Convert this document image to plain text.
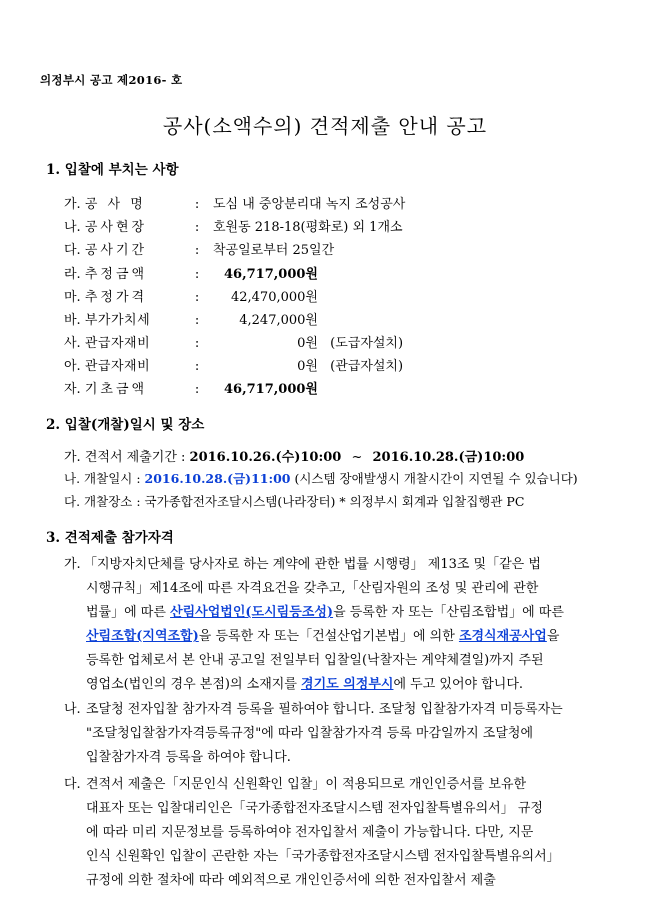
의정부시 공고 제2016- 호
공사(소액수의) 견적제출 안내 공고
1. 입찰에 부치는 사항
가. 공 사 명	: 도심 내 중앙분리대 녹지 조성공사
나. 공사현장	: 호원동 218-18(평화로) 외 1개소
다. 공사기간	: 착공일로부터 25일간
라. 추정금액	: 46,717,000원
마. 추정가격	: 42,470,000원
바. 부가가치세	:	4,247,000원
사. 관급자재비	:	0원 (도급자설치)
아. 관급자재비	:	0원 (관급자설치)
자. 기초금액	: 46,717,000원
2. 입찰(개찰)일시 및 장소
가. 견적서 제출기간 : 2016.10.26.(수)10:00 ~ 2016.10.28.(금)10:00
나. 개찰일시 : 2016.10.28.(금)11:00 (시스템 장애발생시 개찰시간이 지연될 수 있습니다)
다. 개찰장소 : 국가종합전자조달시스템(나라장터) * 의정부시 회계과 입찰집행관 PC
3. 견적제출 참가자격
가. 「지방자치단체를 당사자로 하는 계약에 관한 법률 시행령」 제13조 및「같은 법
시행규칙」제14조에 따른 자격요건을 갖추고,「산림자원의 조성 및 관리에 관한
법률」에 따른 산림사업법인(도시림등조성)을 등록한 자 또는「산림조합법」에 따른
산림조합(지역조합)을 등록한 자 또는「건설산업기본법」에 의한 조경식재공사업을
등록한 업체로서 본 안내 공고일 전일부터 입찰일(낙찰자는 계약체결일)까지 주된
영업소(법인의 경우 본점)의 소재지를 경기도 의정부시에 두고 있어야 합니다.
나. 조달청 전자입찰 참가자격 등록을 필하여야 합니다. 조달청 입찰참가자격 미등록자는
"조달청입찰참가자격등록규정"에 따라 입찰참가자격 등록 마감일까지 조달청에
입찰참가자격 등록을 하여야 합니다.
다. 견적서 제출은「지문인식 신원확인 입찰」이 적용되므로 개인인증서를 보유한
대표자 또는 입찰대리인은「국가종합전자조달시스템 전자입찰특별유의서」 규정
에 따라 미리 지문정보를 등록하여야 전자입찰서 제출이 가능합니다. 다만, 지문
인식 신원확인 입찰이 곤란한 자는「국가종합전자조달시스템 전자입찰특별유의서」
규정에 의한 절차에 따라 예외적으로 개인인증서에 의한 전자입찰서 제출
